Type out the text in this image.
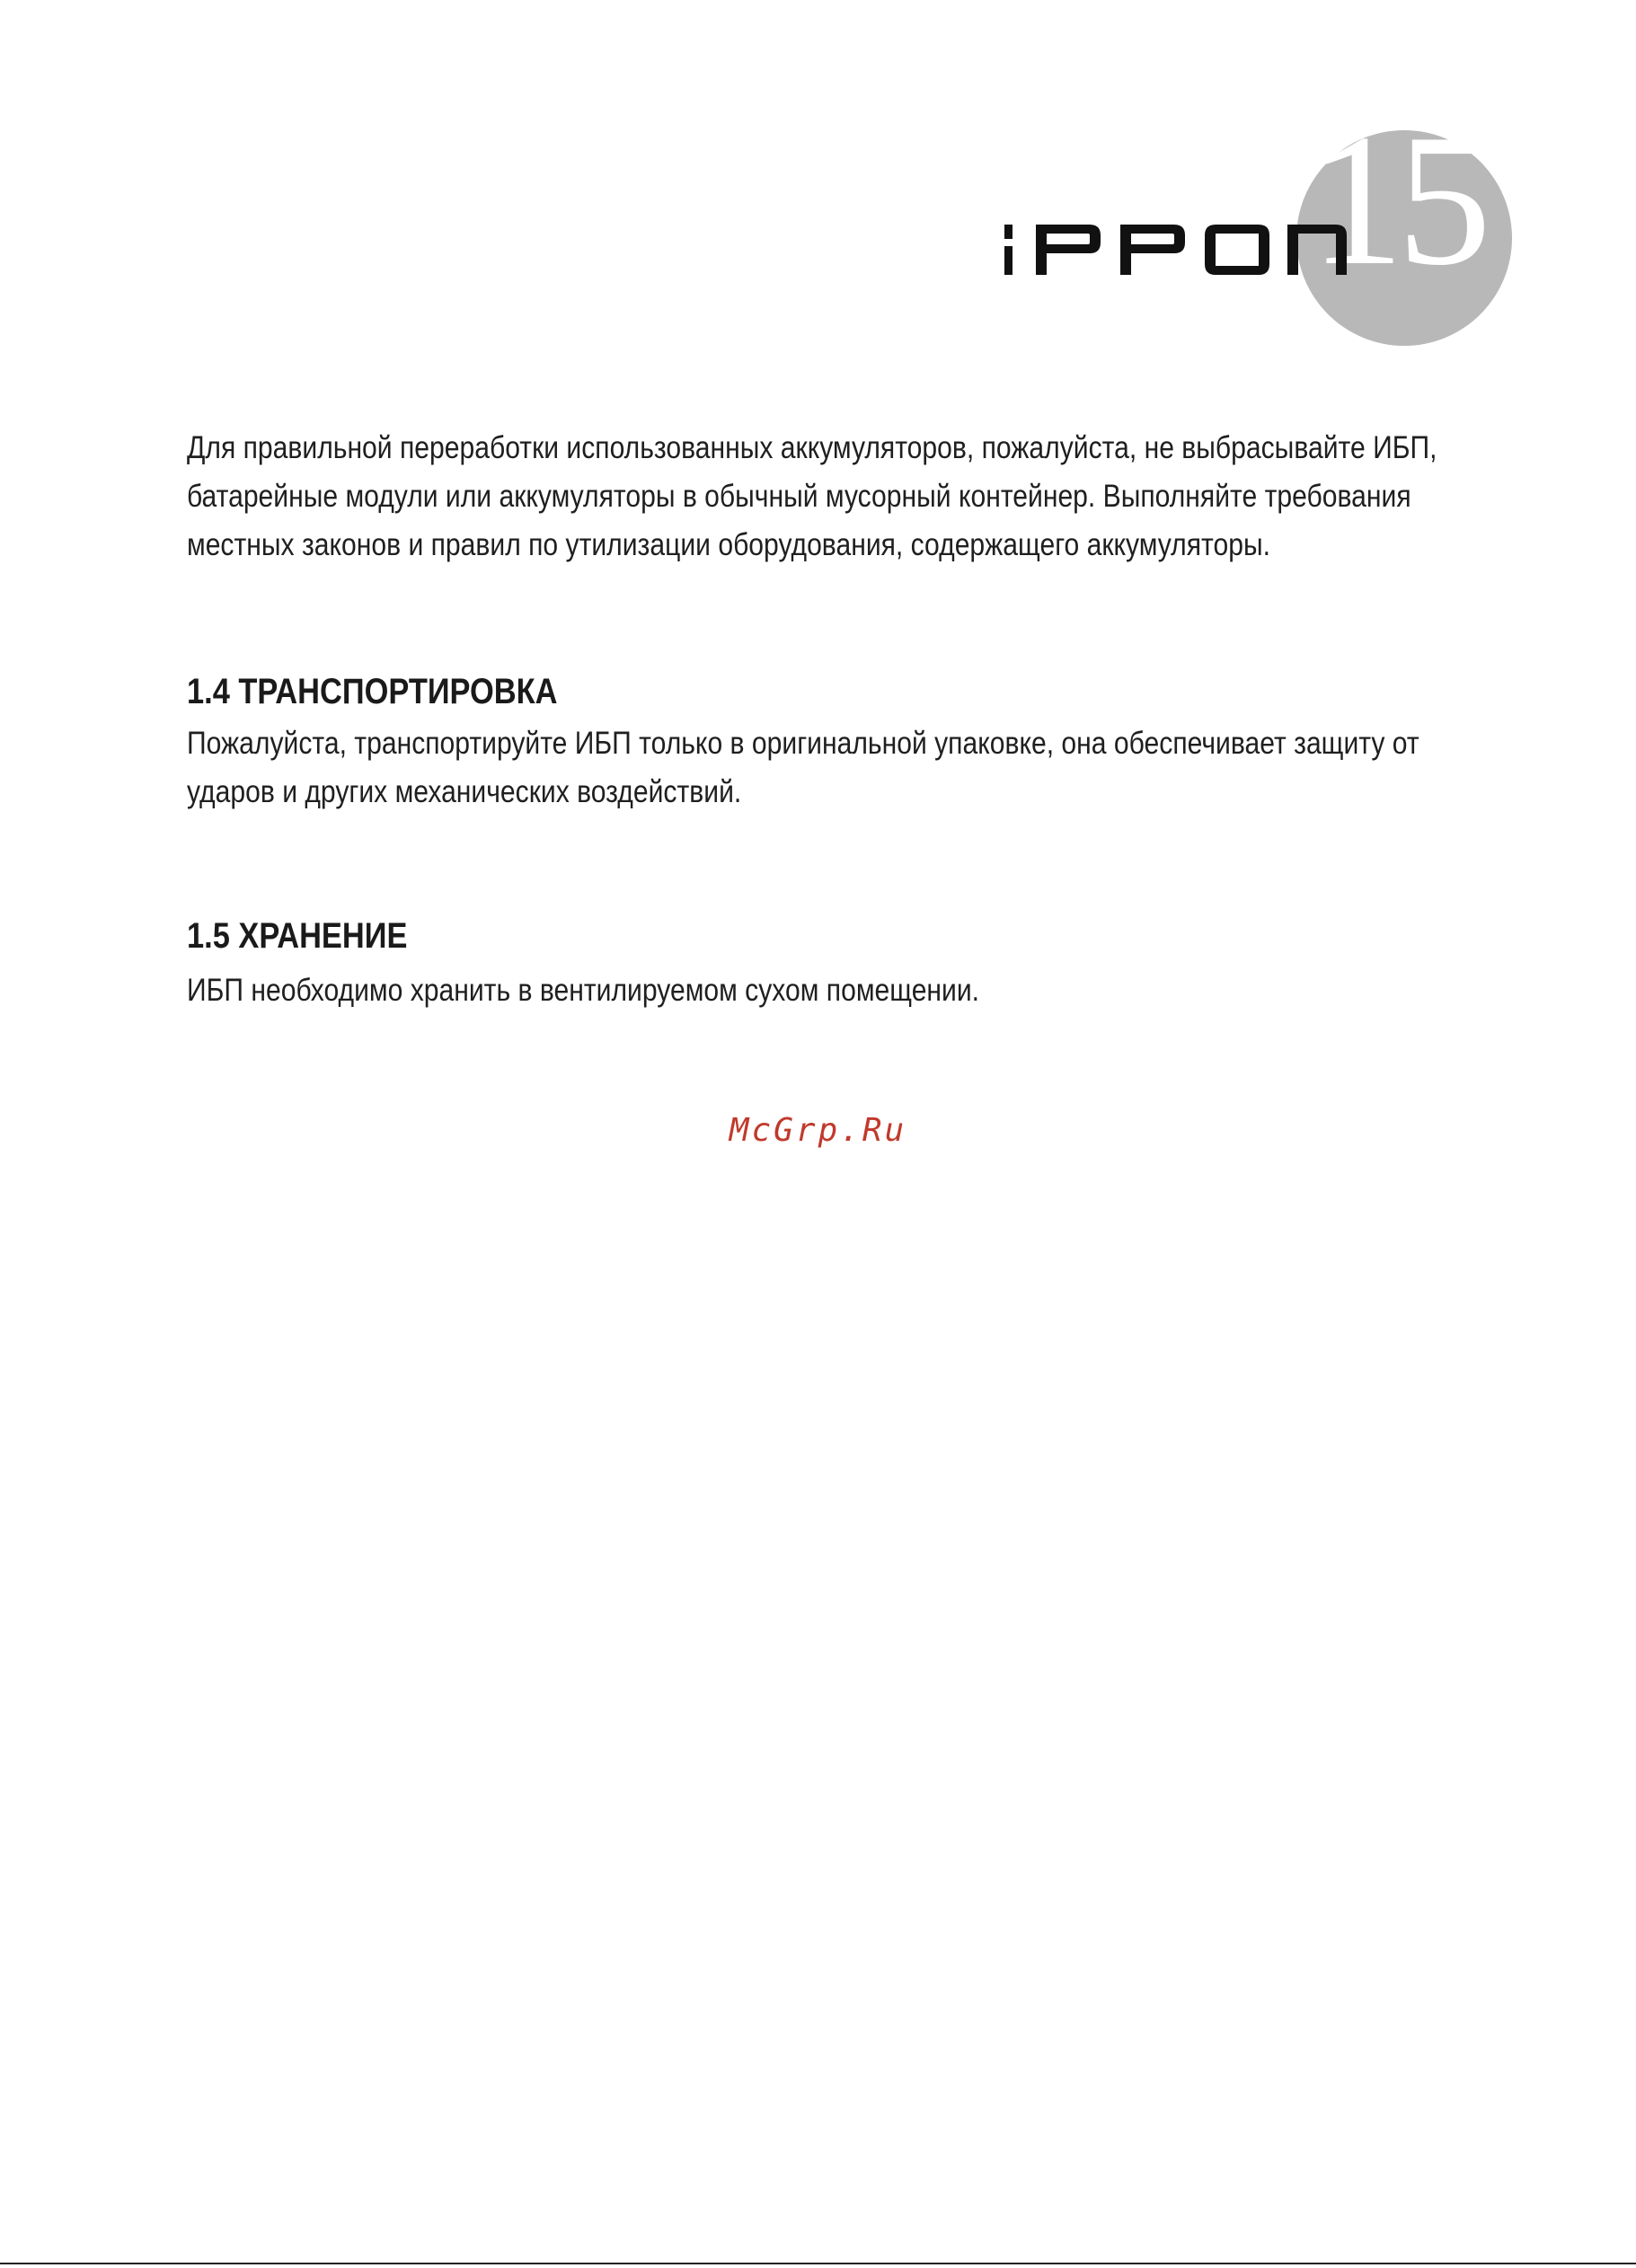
15

Для правильной переработки использованных аккумуляторов, пожалуйста, не выбрасывайте ИБП, батарейные модули или аккумуляторы в обычный мусорный контейнер. Выполняйте требования местных законов и правил по утилизации оборудования, содержащего аккумуляторы.

1.4 ТРАНСПОРТИРОВКА

Пожалуйста, транспортируйте ИБП только в оригинальной упаковке, она обеспечивает защиту от ударов и других механических воздействий.

1.5 ХРАНЕНИЕ

ИБП необходимо хранить в вентилируемом сухом помещении.

McGrp.Ru
